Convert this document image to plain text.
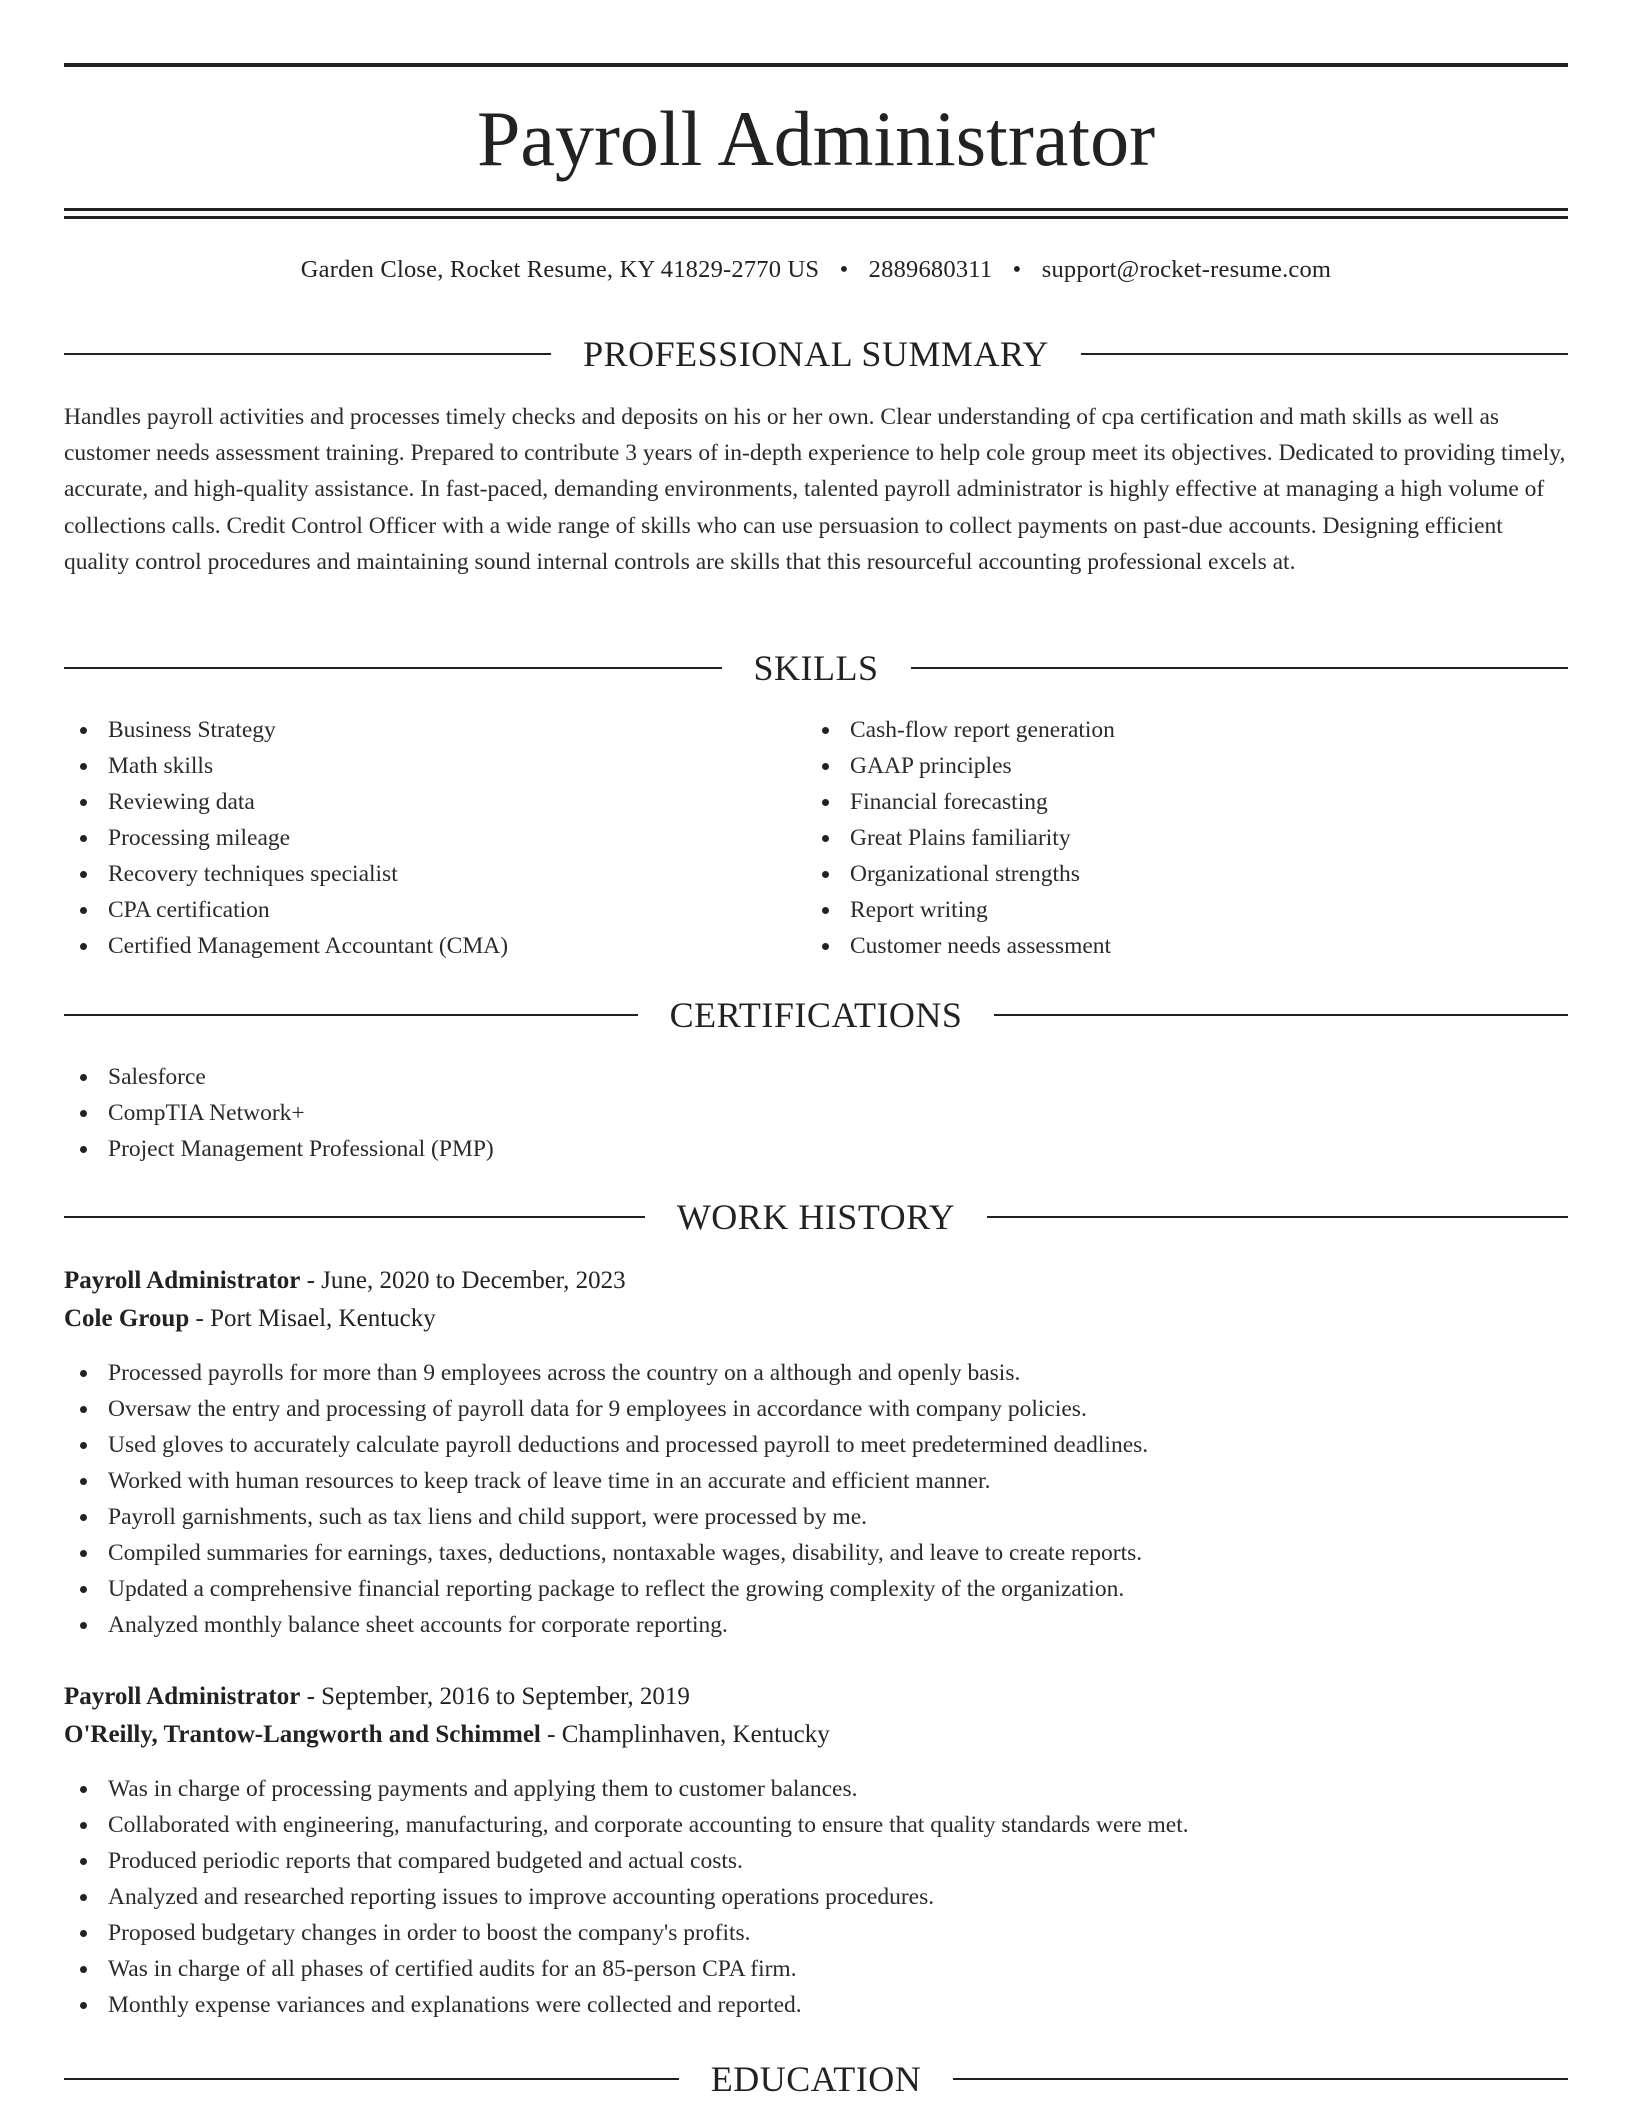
Payroll Administrator
Garden Close, Rocket Resume, KY 41829-2770 US • 2889680311 • support@rocket-resume.com
PROFESSIONAL SUMMARY

Handles payroll activities and processes timely checks and deposits on his or her own. Clear understanding of cpa certification and math skills as well as customer needs assessment training. Prepared to contribute 3 years of in-depth experience to help cole group meet its objectives. Dedicated to providing timely, accurate, and high-quality assistance. In fast-paced, demanding environments, talented payroll administrator is highly effective at managing a high volume of collections calls. Credit Control Officer with a wide range of skills who can use persuasion to collect payments on past-due accounts. Designing efficient quality control procedures and maintaining sound internal controls are skills that this resourceful accounting professional excels at.

SKILLS
Business Strategy
Math skills
Reviewing data
Processing mileage
Recovery techniques specialist
CPA certification
Certified Management Accountant (CMA)
Cash-flow report generation
GAAP principles
Financial forecasting
Great Plains familiarity
Organizational strengths
Report writing
Customer needs assessment
CERTIFICATIONS
Salesforce
CompTIA Network+
Project Management Professional (PMP)
WORK HISTORY
Payroll Administrator - June, 2020 to December, 2023
Cole Group - Port Misael, Kentucky
Processed payrolls for more than 9 employees across the country on a although and openly basis.
Oversaw the entry and processing of payroll data for 9 employees in accordance with company policies.
Used gloves to accurately calculate payroll deductions and processed payroll to meet predetermined deadlines.
Worked with human resources to keep track of leave time in an accurate and efficient manner.
Payroll garnishments, such as tax liens and child support, were processed by me.
Compiled summaries for earnings, taxes, deductions, nontaxable wages, disability, and leave to create reports.
Updated a comprehensive financial reporting package to reflect the growing complexity of the organization.
Analyzed monthly balance sheet accounts for corporate reporting.
Payroll Administrator - September, 2016 to September, 2019
O'Reilly, Trantow-Langworth and Schimmel - Champlinhaven, Kentucky
Was in charge of processing payments and applying them to customer balances.
Collaborated with engineering, manufacturing, and corporate accounting to ensure that quality standards were met.
Produced periodic reports that compared budgeted and actual costs.
Analyzed and researched reporting issues to improve accounting operations procedures.
Proposed budgetary changes in order to boost the company's profits.
Was in charge of all phases of certified audits for an 85-person CPA firm.
Monthly expense variances and explanations were collected and reported.
EDUCATION
